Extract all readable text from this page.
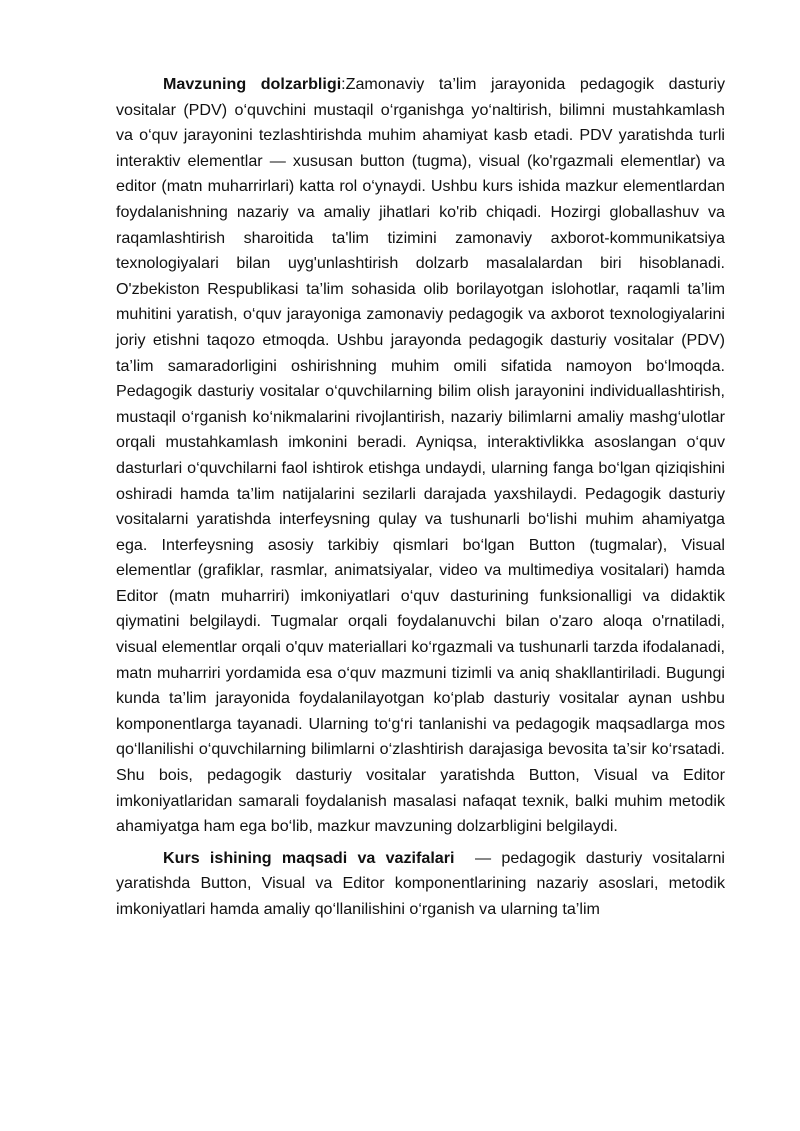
Mavzuning dolzarbligi:Zamonaviy ta’lim jarayonida pedagogik dasturiy vositalar (PDV) o‘quvchini mustaqil o‘rganishga yo‘naltirish, bilimni mustahkamlash va o‘quv jarayonini tezlashtirishda muhim ahamiyat kasb etadi. PDV yaratishda turli interaktiv elementlar — xususan button (tugma), visual (ko'rgazmali elementlar) va editor (matn muharrirlari) katta rol o‘ynaydi. Ushbu kurs ishida mazkur elementlardan foydalanishning nazariy va amaliy jihatlari ko'rib chiqadi. Hozirgi globallashuv va raqamlashtirish sharoitida ta'lim tizimini zamonaviy axborot-kommunikatsiya texnologiyalari bilan uyg'unlashtirish dolzarb masalalardan biri hisoblanadi. O'zbekiston Respublikasi ta’lim sohasida olib borilayotgan islohotlar, raqamli ta’lim muhitini yaratish, o‘quv jarayoniga zamonaviy pedagogik va axborot texnologiyalarini joriy etishni taqozo etmoqda. Ushbu jarayonda pedagogik dasturiy vositalar (PDV) ta’lim samaradorligini oshirishning muhim omili sifatida namoyon bo‘lmoqda. Pedagogik dasturiy vositalar o‘quvchilarning bilim olish jarayonini individuallashtirish, mustaqil o‘rganish ko‘nikmalarini rivojlantirish, nazariy bilimlarni amaliy mashg‘ulotlar orqali mustahkamlash imkonini beradi. Ayniqsa, interaktivlikka asoslangan o‘quv dasturlari o‘quvchilarni faol ishtirok etishga undaydi, ularning fanga bo‘lgan qiziqishini oshiradi hamda ta’lim natijalarini sezilarli darajada yaxshilaydi. Pedagogik dasturiy vositalarni yaratishda interfeysning qulay va tushunarli bo‘lishi muhim ahamiyatga ega. Interfeysning asosiy tarkibiy qismlari bo‘lgan Button (tugmalar), Visual elementlar (grafiklar, rasmlar, animatsiyalar, video va multimediya vositalari) hamda Editor (matn muharriri) imkoniyatlari o‘quv dasturining funksionalligi va didaktik qiymatini belgilaydi. Tugmalar orqali foydalanuvchi bilan o'zaro aloqa o'rnatiladi, visual elementlar orqali o'quv materiallari ko‘rgazmali va tushunarli tarzda ifodalanadi, matn muharriri yordamida esa o‘quv mazmuni tizimli va aniq shakllantiriladi. Bugungi kunda ta’lim jarayonida foydalanilayotgan ko‘plab dasturiy vositalar aynan ushbu komponentlarga tayanadi. Ularning to‘g‘ri tanlanishi va pedagogik maqsadlarga mos qo‘llanilishi o‘quvchilarning bilimlarni o‘zlashtirish darajasiga bevosita ta’sir ko‘rsatadi. Shu bois, pedagogik dasturiy vositalar yaratishda Button, Visual va Editor imkoniyatlaridan samarali foydalanish masalasi nafaqat texnik, balki muhim metodik ahamiyatga ham ega bo‘lib, mazkur mavzuning dolzarbligini belgilaydi.

Kurs ishining maqsadi va vazifalari  — pedagogik dasturiy vositalarni yaratishda Button, Visual va Editor komponentlarining nazariy asoslari, metodik imkoniyatlari hamda amaliy qo‘llanilishini o‘rganish va ularning ta’lim
